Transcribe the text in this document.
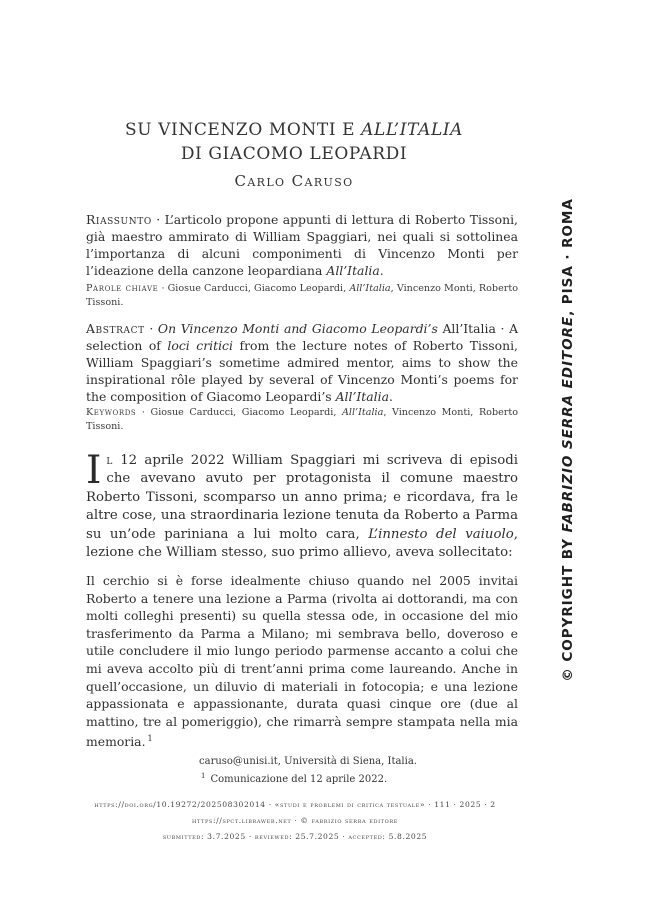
SU VINCENZO MONTI E ALL’ITALIA
DI GIACOMO LEOPARDI
Carlo Caruso
Riassunto · L’articolo propone appunti di lettura di Roberto Tissoni, già maestro ammirato di William Spaggiari, nei quali si sottolinea l’importanza di alcuni componimenti di Vincenzo Monti per l’ideazione della canzone leopardiana All’Italia.
Parole chiave · Giosue Carducci, Giacomo Leopardi, All’Italia, Vincenzo Monti, Roberto Tissoni.
Abstract · On Vincenzo Monti and Giacomo Leopardi’s All’Italia · A selection of loci critici from the lecture notes of Roberto Tissoni, William Spaggiari’s sometime admired mentor, aims to show the inspirational rôle played by several of Vincenzo Monti’s poems for the composition of Giacomo Leopardi’s All’Italia.
Keywords · Giosue Carducci, Giacomo Leopardi, All’Italia, Vincenzo Monti, Roberto Tissoni.
Il 12 aprile 2022 William Spaggiari mi scriveva di episodi che avevano avuto per protagonista il comune maestro Roberto Tissoni, scomparso un anno prima; e ricordava, fra le altre cose, una straordinaria lezione tenuta da Roberto a Parma su un’ode pariniana a lui molto cara, L’innesto del vaiuolo, lezione che William stesso, suo primo allievo, aveva sollecitato:
Il cerchio si è forse idealmente chiuso quando nel 2005 invitai Roberto a tenere una lezione a Parma (rivolta ai dottorandi, ma con molti colleghi presenti) su quella stessa ode, in occasione del mio trasferimento da Parma a Milano; mi sembrava bello, doveroso e utile concludere il mio lungo periodo parmense accanto a colui che mi aveva accolto più di trent’anni prima come laureando. Anche in quell’occasione, un diluvio di materiali in fotocopia; e una lezione appassionata e appassionante, durata quasi cinque ore (due al mattino, tre al pomeriggio), che rimarrà sempre stampata nella mia memoria. $^1$
caruso@unisi.it, Università di Siena, Italia.
$^1$ Comunicazione del 12 aprile 2022.
https://doi.org/10.19272/202508302014 · «studi e problemi di critica testuale» · 111 · 2025 · 2
https://spct.libraweb.net · © fabrizio serra editore
submitted: 3.7.2025 · reviewed: 25.7.2025 · accepted: 5.8.2025
© COPYRIGHT BY FABRIZIO SERRA EDITORE, PISA · ROMA
